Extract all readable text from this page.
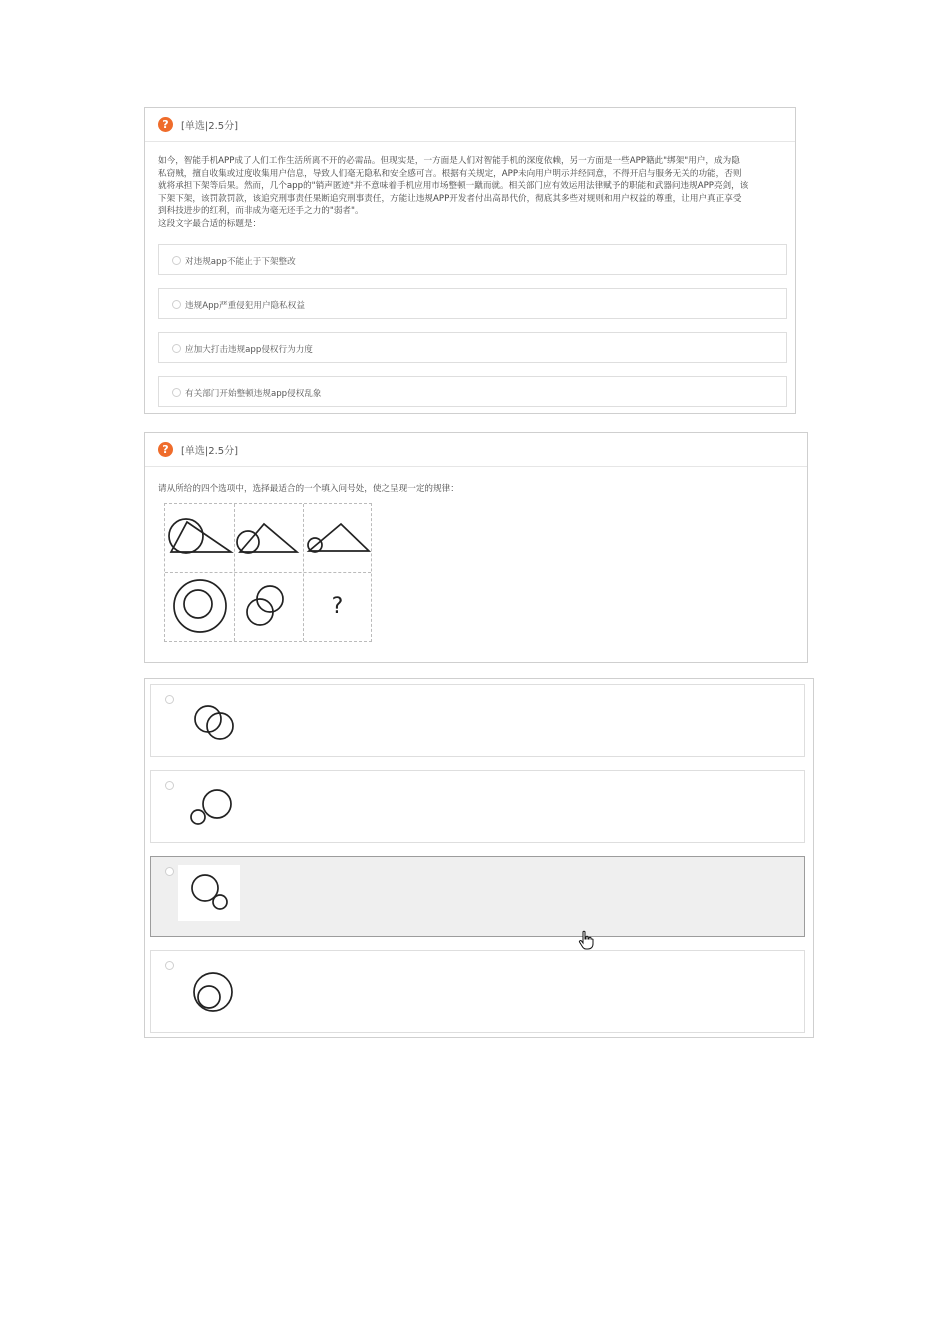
?	[单选|2.5分]
如今，智能手机APP成了人们工作生活所离不开的必需品。但现实是，一方面是人们对智能手机的深度依赖，另一方面是一些APP籍此"绑架"用户，成为隐
私窃贼，擅自收集或过度收集用户信息，导致人们毫无隐私和安全感可言。根据有关规定，APP未向用户明示并经同意，不得开启与服务无关的功能，否则
就将承担下架等后果。然而，几个app的"销声匿迹"并不意味着手机应用市场整顿一蹴而就。相关部门应有效运用法律赋予的职能和武器问违规APP亮剑，该
下架下架，该罚款罚款，该追究刑事责任果断追究刑事责任，方能让违规APP开发者付出高昂代价，彻底其多些对规则和用户权益的尊重，让用户真正享受
到科技进步的红利，而非成为毫无还手之力的"弱者"。
这段文字最合适的标题是：
对违规app不能止于下架整改
违规App严重侵犯用户隐私权益
应加大打击违规app侵权行为力度
有关部门开始整顿违规app侵权乱象
?	[单选|2.5分]
请从所给的四个选项中，选择最适合的一个填入问号处，使之呈现一定的规律：
?
